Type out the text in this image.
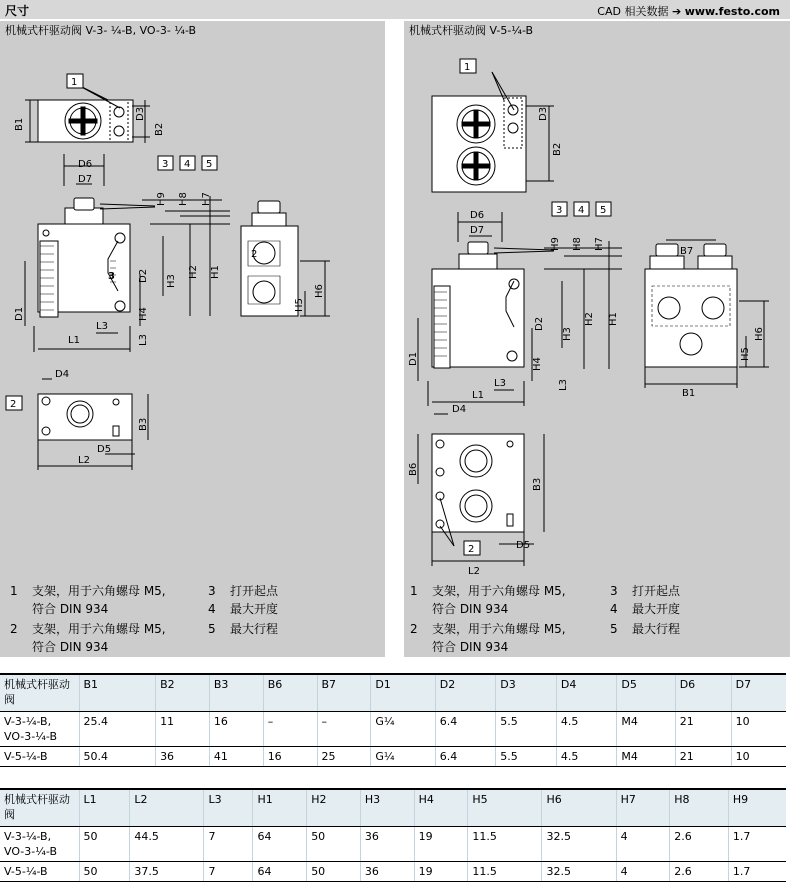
尺寸	CAD 相关数据 ➔ www.festo.com
机械式杆驱动阀 V-3- ¼-B, VO-3- ¼-B
1
3 4 5
2
D6
D7
L1
L3
D4
D5
L2
3
2
B1
D3
B2
H9 H8 H7
D2 H3
H2 H1
H4
D1
L3
H5
H6
B3
1	支架，用于六角螺母 M5,
符合 DIN 934
2	支架，用于六角螺母 M5,
符合 DIN 934
3	打开起点
4	最大开度
5	最大行程
机械式杆驱动阀 V-5-¼-B
1
3 4 5
2
D6
D7
L1
L3
B7
B1
D4
D5
L2
D3
B2
H9 H8 H7
D2
H3
H2 H1
H4
D1
L3
H5
H6
B6
B3
1	支架，用于六角螺母 M5,
符合 DIN 934
2	支架，用于六角螺母 M5,
符合 DIN 934
3	打开起点
4	最大开度
5	最大行程
机械式杆驱动阀	B1	B2	B3	B6	B7	D1	D2	D3	D4	D5	D6	D7
V-3-¼-B,
VO-3-¼-B	25.4	11	16	–	–	G¼	6.4	5.5	4.5	M4	21	10
V-5-¼-B	50.4	36	41	16	25	G¼	6.4	5.5	4.5	M4	21	10
机械式杆驱动阀	L1	L2	L3	H1	H2	H3	H4	H5	H6	H7	H8	H9
V-3-¼-B,
VO-3-¼-B	50	44.5	7	64	50	36	19	11.5	32.5	4	2.6	1.7
V-5-¼-B	50	37.5	7	64	50	36	19	11.5	32.5	4	2.6	1.7
